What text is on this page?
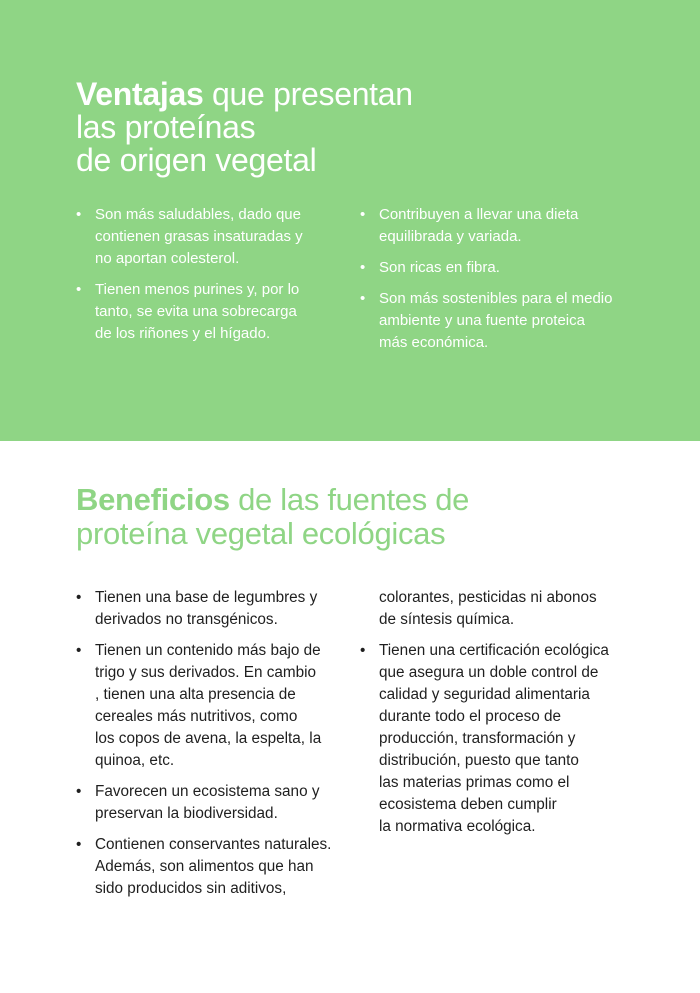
Ventajas que presentan
las proteínas
de origen vegetal
• Son más saludables, dado que
contienen grasas insaturadas y
no aportan colesterol.
• Tienen menos purines y, por lo
tanto, se evita una sobrecarga
de los riñones y el hígado.
• Contribuyen a llevar una dieta
equilibrada y variada.
• Son ricas en fibra.
• Son más sostenibles para el medio
ambiente y una fuente proteica
más económica.
Beneficios de las fuentes de
proteína vegetal ecológicas
• Tienen una base de legumbres y
derivados no transgénicos.
• Tienen un contenido más bajo de
trigo y sus derivados. En cambio
, tienen una alta presencia de
cereales más nutritivos, como
los copos de avena, la espelta, la
quinoa, etc.
• Favorecen un ecosistema sano y
preservan la biodiversidad.
• Contienen conservantes naturales.
Además, son alimentos que han
sido producidos sin aditivos,
colorantes, pesticidas ni abonos
de síntesis química.
• Tienen una certificación ecológica
que asegura un doble control de
calidad y seguridad alimentaria
durante todo el proceso de
producción, transformación y
distribución, puesto que tanto
las materias primas como el
ecosistema deben cumplir
la normativa ecológica.
